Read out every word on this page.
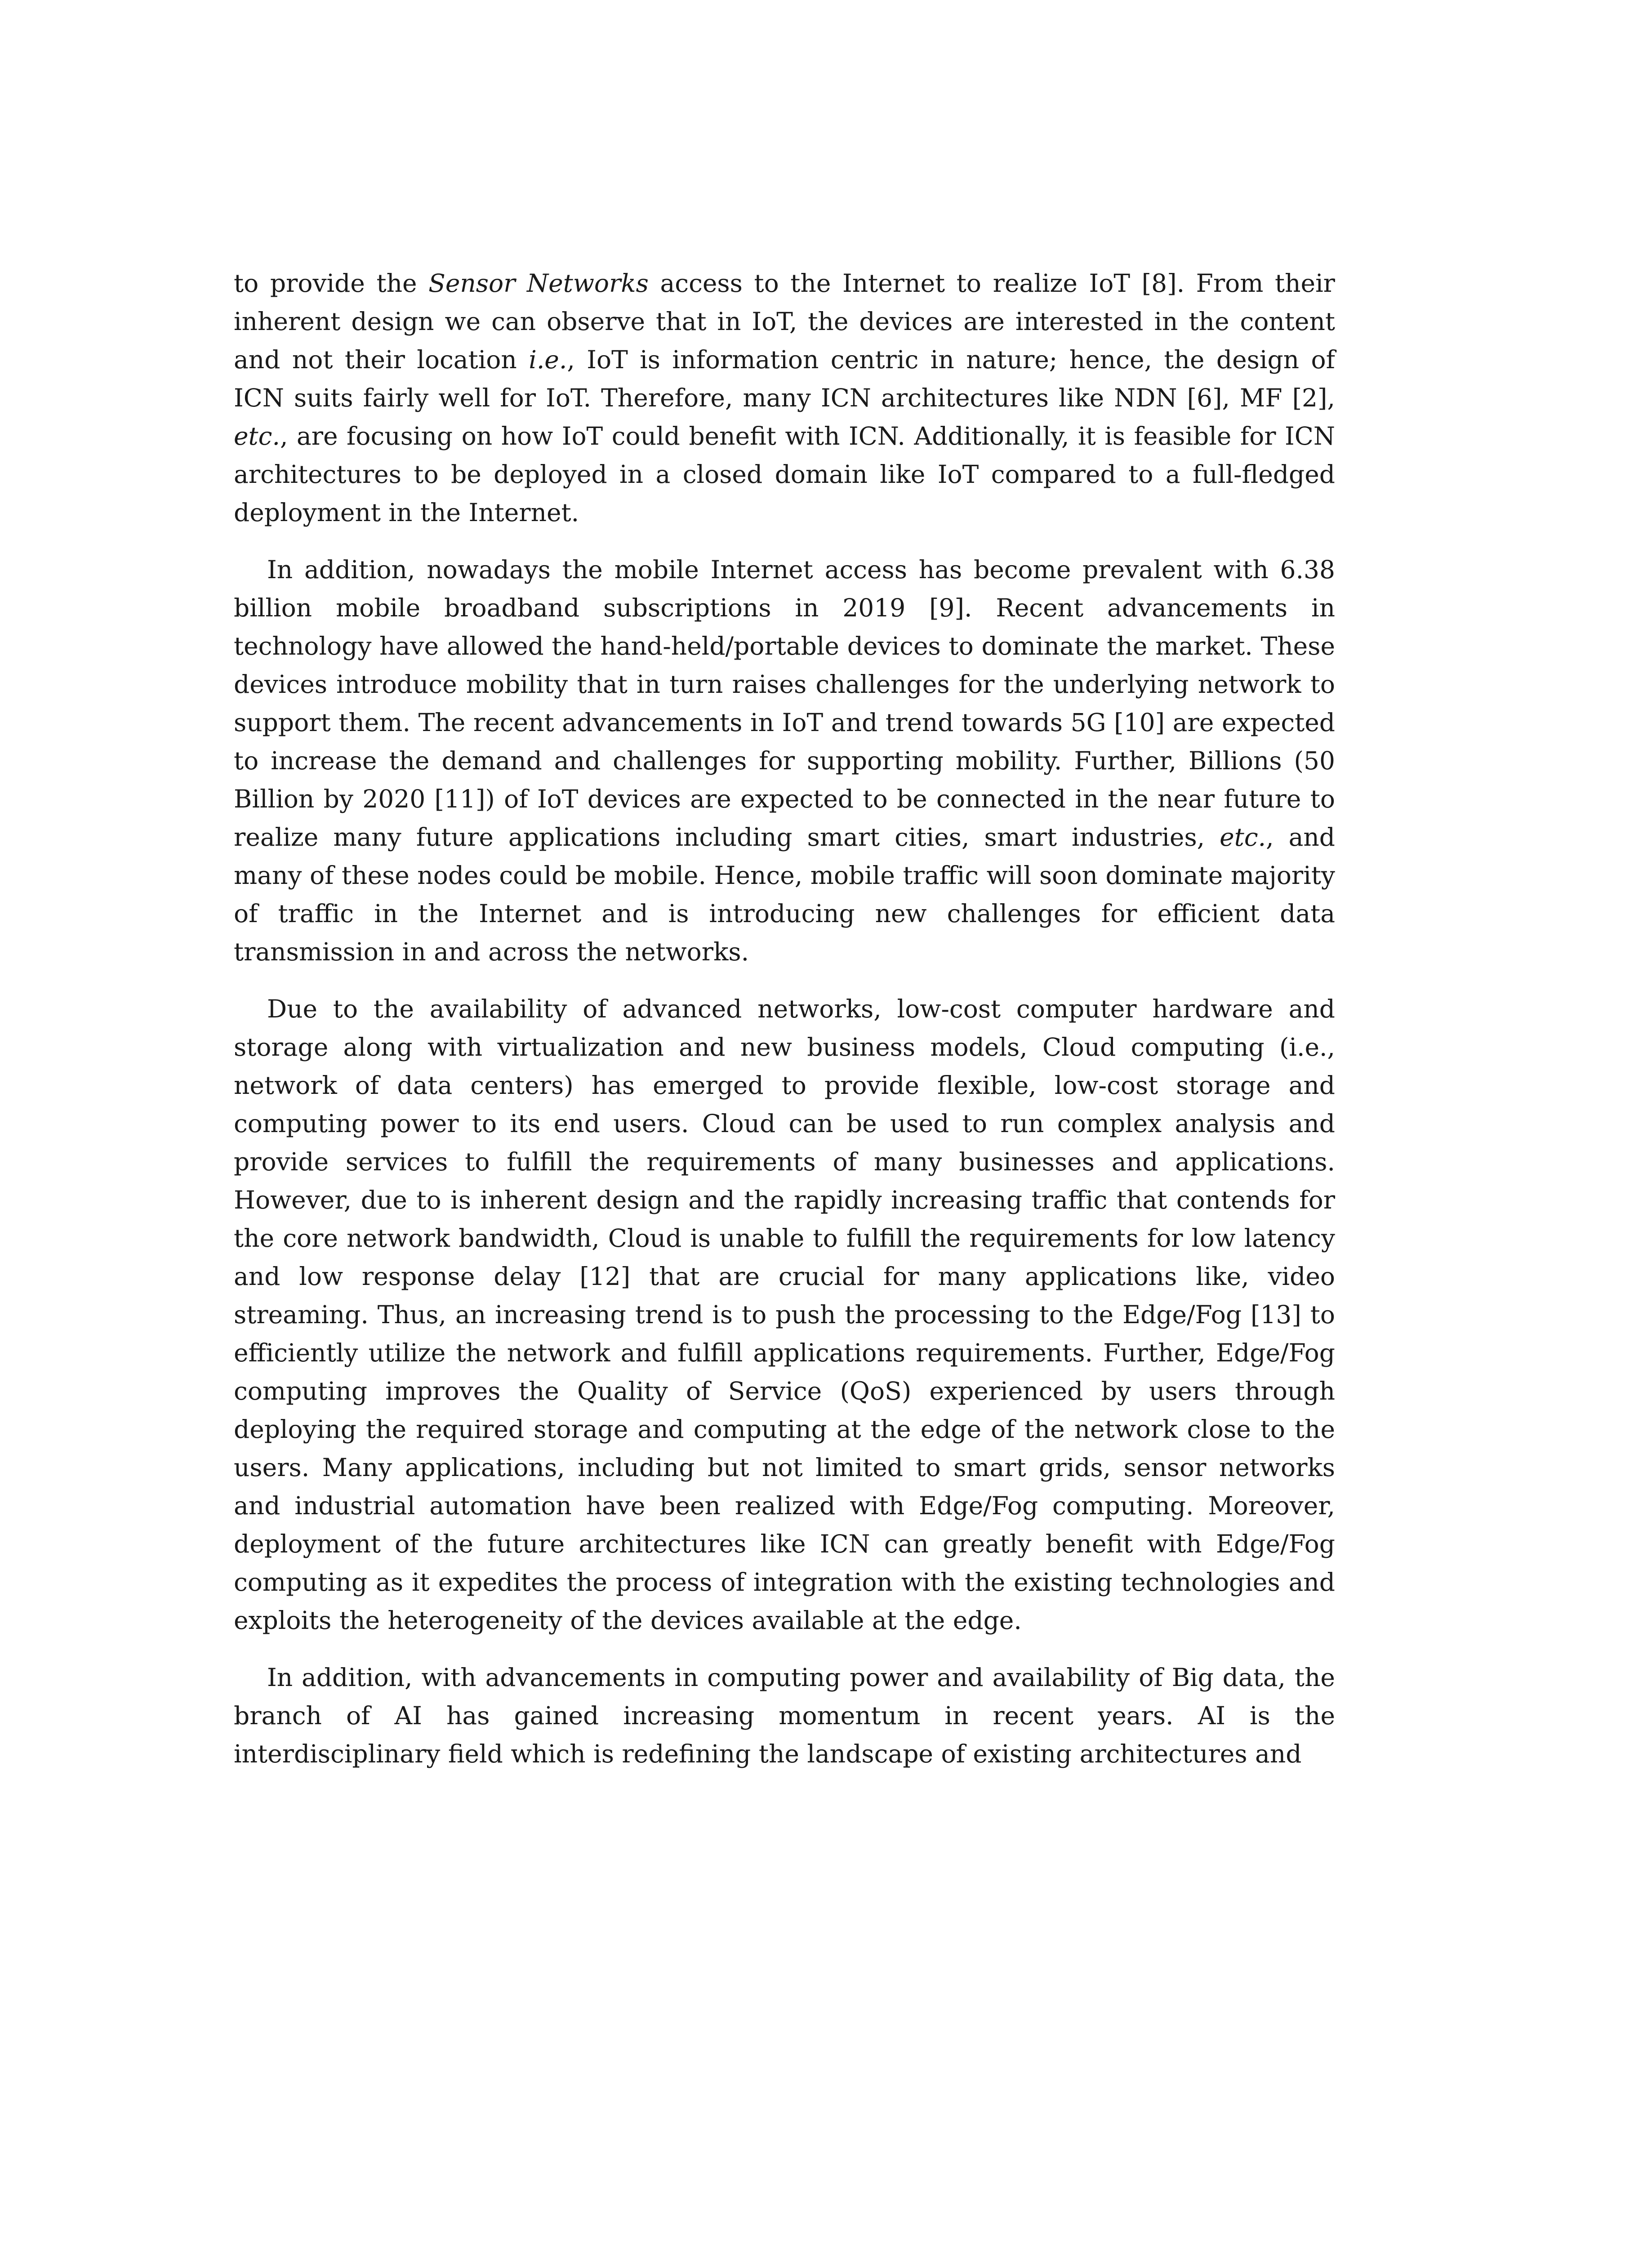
to provide the Sensor Networks access to the Internet to realize IoT [8]. From their inherent design we can observe that in IoT, the devices are interested in the content and not their location i.e., IoT is information centric in nature; hence, the design of ICN suits fairly well for IoT. Therefore, many ICN architectures like NDN [6], MF [2], etc., are focusing on how IoT could benefit with ICN. Additionally, it is feasible for ICN architectures to be deployed in a closed domain like IoT compared to a full-fledged deployment in the Internet.

In addition, nowadays the mobile Internet access has become prevalent with 6.38 billion mobile broadband subscriptions in 2019 [9]. Recent advancements in technology have allowed the hand-held/portable devices to dominate the market. These devices introduce mobility that in turn raises challenges for the underlying network to support them. The recent advancements in IoT and trend towards 5G [10] are expected to increase the demand and challenges for supporting mobility. Further, Billions (50 Billion by 2020 [11]) of IoT devices are expected to be connected in the near future to realize many future applications including smart cities, smart industries, etc., and many of these nodes could be mobile. Hence, mobile traffic will soon dominate majority of traffic in the Internet and is introducing new challenges for efficient data transmission in and across the networks.

Due to the availability of advanced networks, low-cost computer hardware and storage along with virtualization and new business models, Cloud computing (i.e., network of data centers) has emerged to provide flexible, low-cost storage and computing power to its end users. Cloud can be used to run complex analysis and provide services to fulfill the requirements of many businesses and applications. However, due to is inherent design and the rapidly increasing traffic that contends for the core network bandwidth, Cloud is unable to fulfill the requirements for low latency and low response delay [12] that are crucial for many applications like, video streaming. Thus, an increasing trend is to push the processing to the Edge/Fog [13] to efficiently utilize the network and fulfill applications requirements. Further, Edge/Fog computing improves the Quality of Service (QoS) experienced by users through deploying the required storage and computing at the edge of the network close to the users. Many applications, including but not limited to smart grids, sensor networks and industrial automation have been realized with Edge/Fog computing. Moreover, deployment of the future architectures like ICN can greatly benefit with Edge/Fog computing as it expedites the process of integration with the existing technologies and exploits the heterogeneity of the devices available at the edge.

In addition, with advancements in computing power and availability of Big data, the branch of AI has gained increasing momentum in recent years. AI is the interdisciplinary field which is redefining the landscape of existing architectures and
